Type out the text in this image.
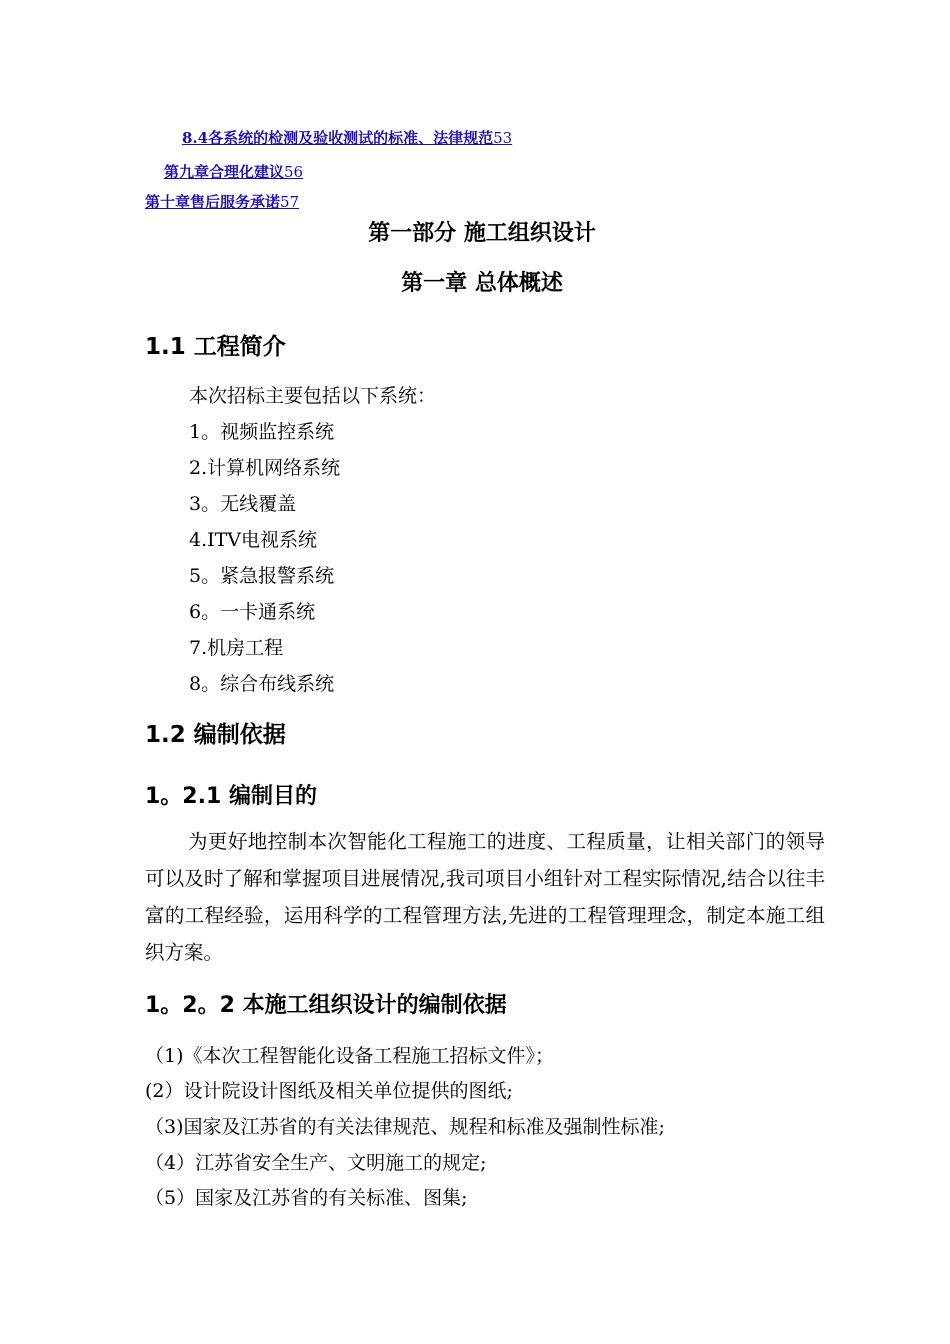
8.4各系统的检测及验收测试的标准、法律规范53
第九章合理化建议56
第十章售后服务承诺57
第一部分 施工组织设计
第一章 总体概述
1.1 工程简介
本次招标主要包括以下系统：
1。视频监控系统
2.计算机网络系统
3。无线覆盖
4.ITV电视系统
5。紧急报警系统
6。一卡通系统
7.机房工程
8。综合布线系统
1.2 编制依据
1。2.1 编制目的
为更好地控制本次智能化工程施工的进度、工程质量，让相关部门的领导可以及时了解和掌握项目进展情况,我司项目小组针对工程实际情况,结合以往丰富的工程经验，运用科学的工程管理方法,先进的工程管理理念，制定本施工组织方案。
1。2。2 本施工组织设计的编制依据
（1)《本次工程智能化设备工程施工招标文件》；
(2）设计院设计图纸及相关单位提供的图纸;
（3)国家及江苏省的有关法律规范、规程和标准及强制性标准;
（4）江苏省安全生产、文明施工的规定;
（5）国家及江苏省的有关标准、图集;
